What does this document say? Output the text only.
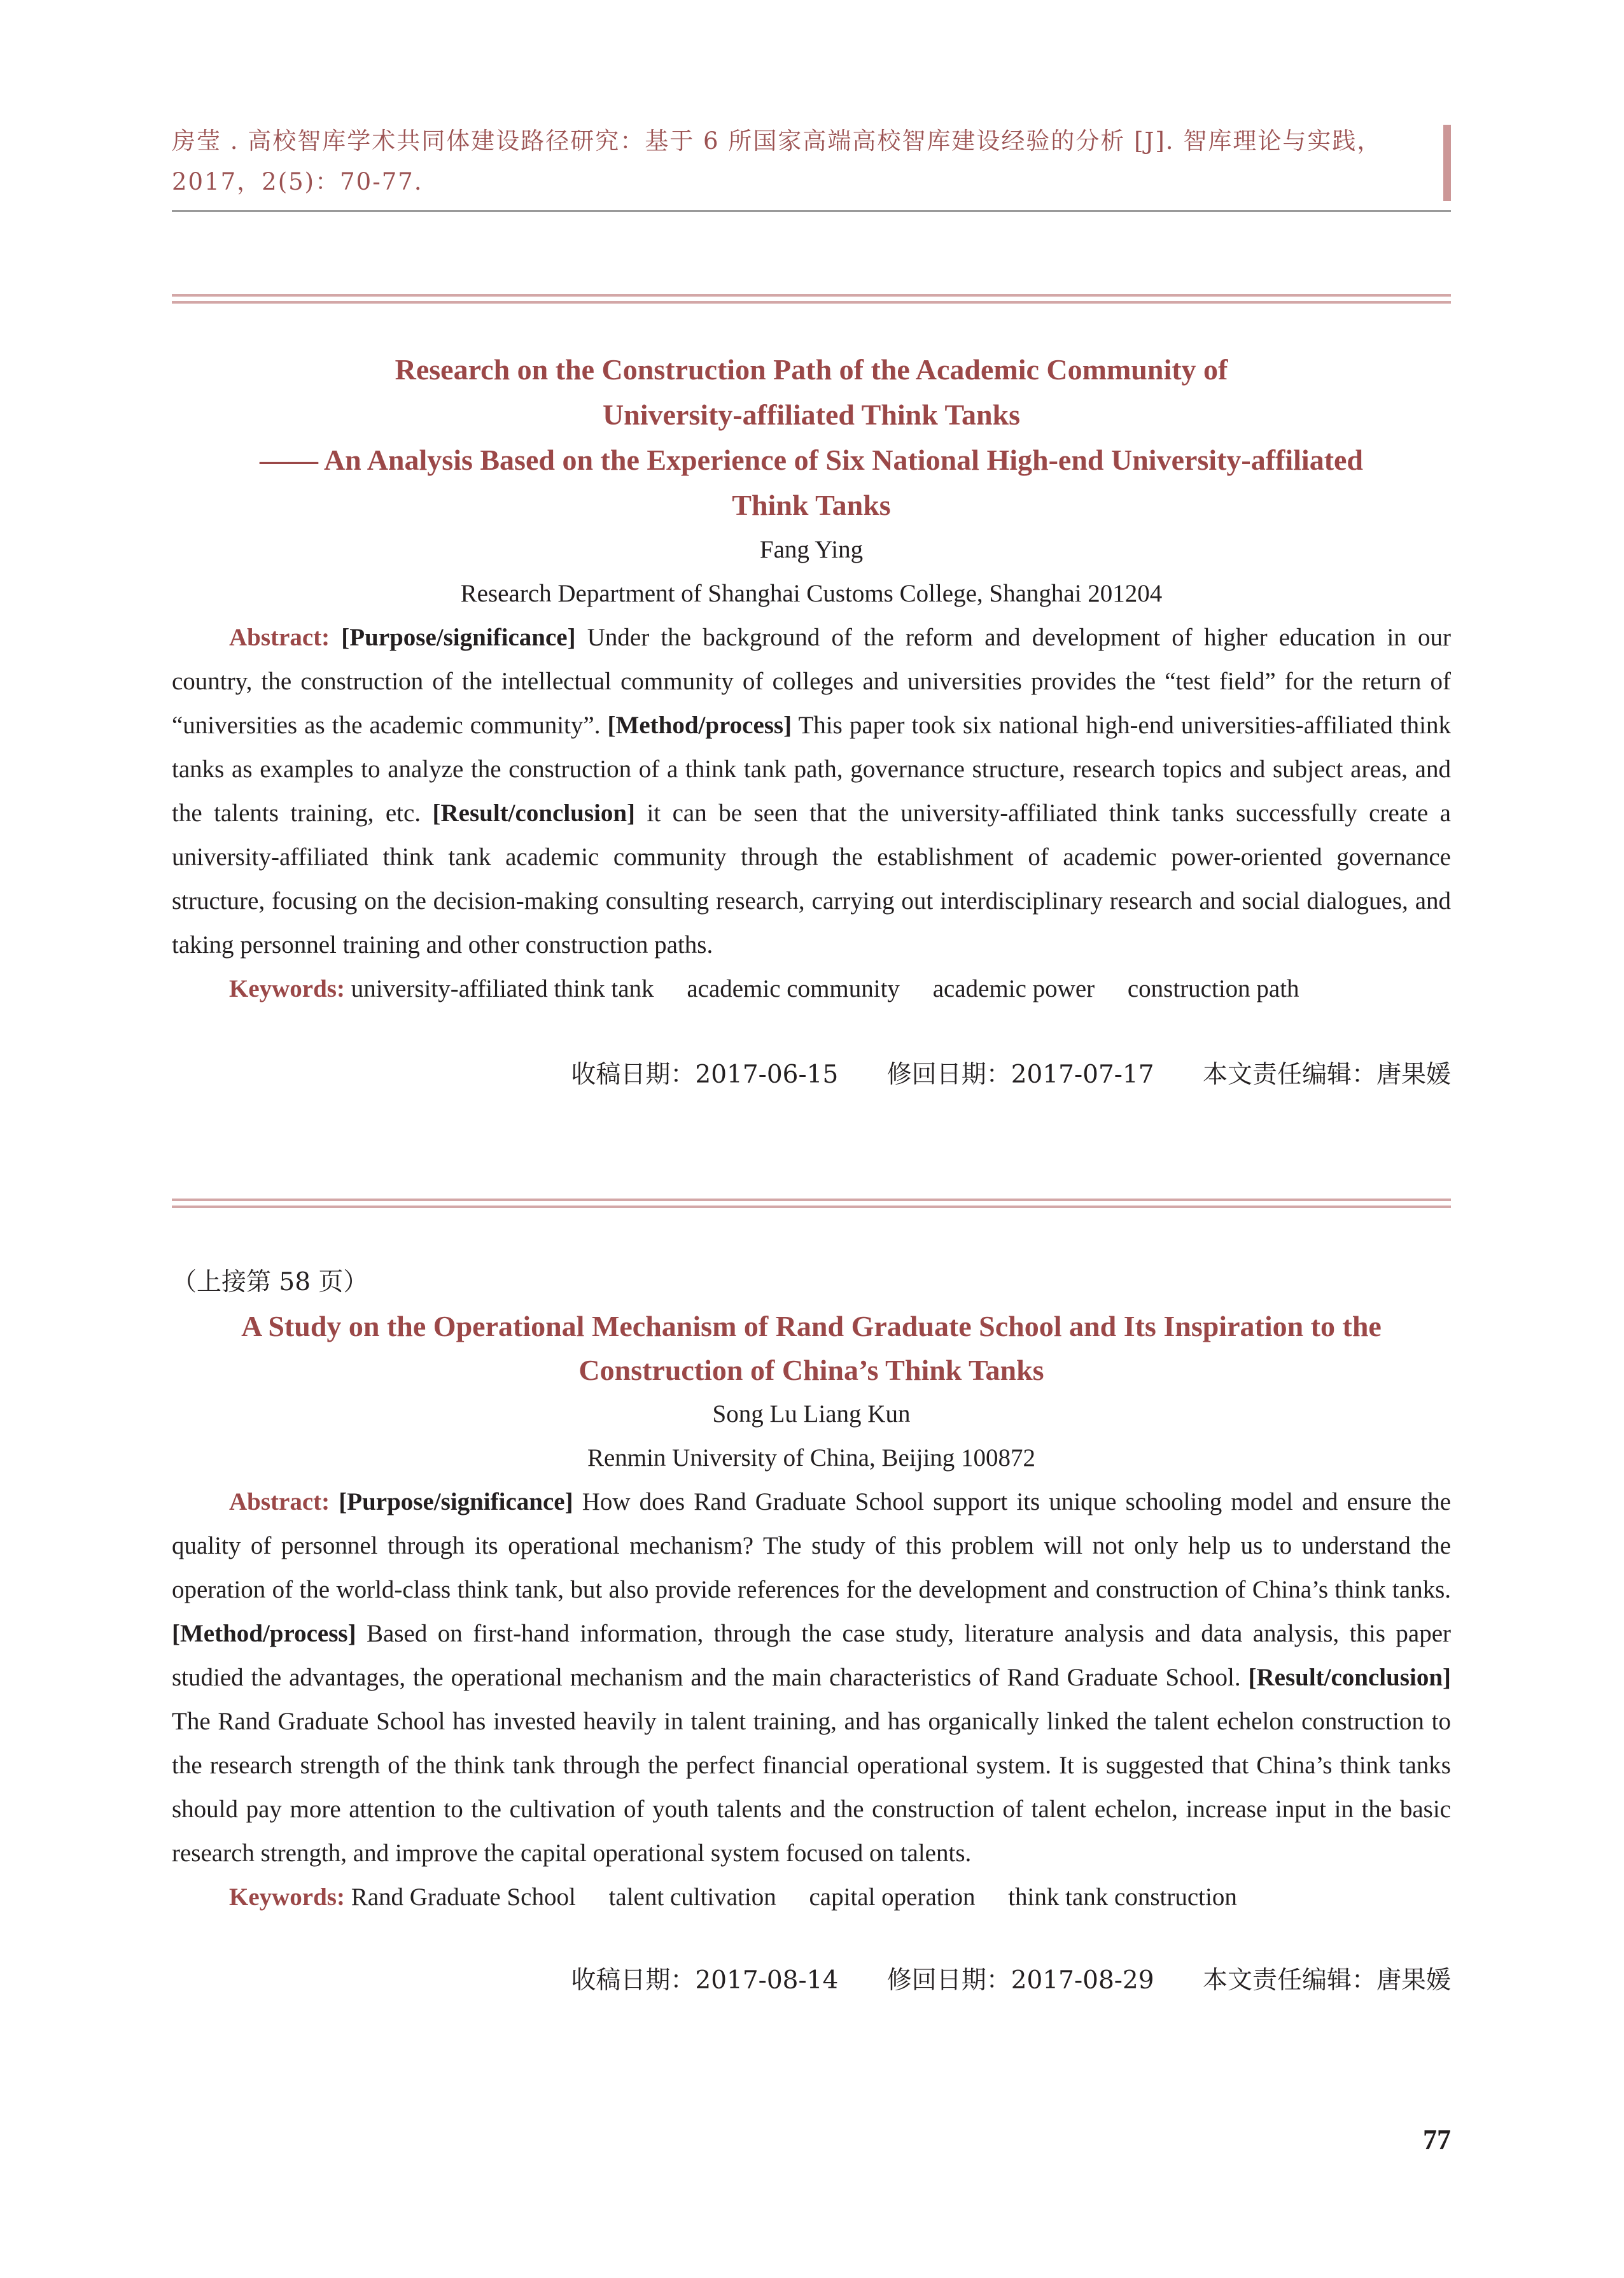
房莹 . 高校智库学术共同体建设路径研究：基于 6 所国家高端高校智库建设经验的分析 [J]. 智库理论与实践，
2017，2(5)：70-77.
Research on the Construction Path of the Academic Community of
University-affiliated Think Tanks
—— An Analysis Based on the Experience of Six National High-end University-affiliated
Think Tanks
Fang Ying
Research Department of Shanghai Customs College, Shanghai 201204

Abstract: [Purpose/significance] Under the background of the reform and development of higher education in our country, the construction of the intellectual community of colleges and universities provides the “test field” for the return of “universities as the academic community”. [Method/process] This paper took six national high-end universities-affiliated think tanks as examples to analyze the construction of a think tank path, governance structure, research topics and subject areas, and the talents training, etc. [Result/conclusion] it can be seen that the university-affiliated think tanks successfully create a university-affiliated think tank academic community through the establishment of academic power-oriented governance structure, focusing on the decision-making consulting research, carrying out interdisciplinary research and social dialogues, and taking personnel training and other construction paths.

Keywords: university-affiliated think tank academic community academic power construction path
收稿日期：2017-06-15 修回日期：2017-07-17 本文责任编辑：唐果媛
（上接第 58 页）
A Study on the Operational Mechanism of Rand Graduate School and Its Inspiration to the
Construction of China’s Think Tanks
Song Lu Liang Kun
Renmin University of China, Beijing 100872

Abstract: [Purpose/significance] How does Rand Graduate School support its unique schooling model and ensure the quality of personnel through its operational mechanism? The study of this problem will not only help us to understand the operation of the world-class think tank, but also provide references for the development and construction of China’s think tanks. [Method/process] Based on first-hand information, through the case study, literature analysis and data analysis, this paper studied the advantages, the operational mechanism and the main characteristics of Rand Graduate School. [Result/conclusion] The Rand Graduate School has invested heavily in talent training, and has organically linked the talent echelon construction to the research strength of the think tank through the perfect financial operational system. It is suggested that China’s think tanks should pay more attention to the cultivation of youth talents and the construction of talent echelon, increase input in the basic research strength, and improve the capital operational system focused on talents.

Keywords: Rand Graduate School talent cultivation capital operation think tank construction
收稿日期：2017-08-14 修回日期：2017-08-29 本文责任编辑：唐果媛
77
